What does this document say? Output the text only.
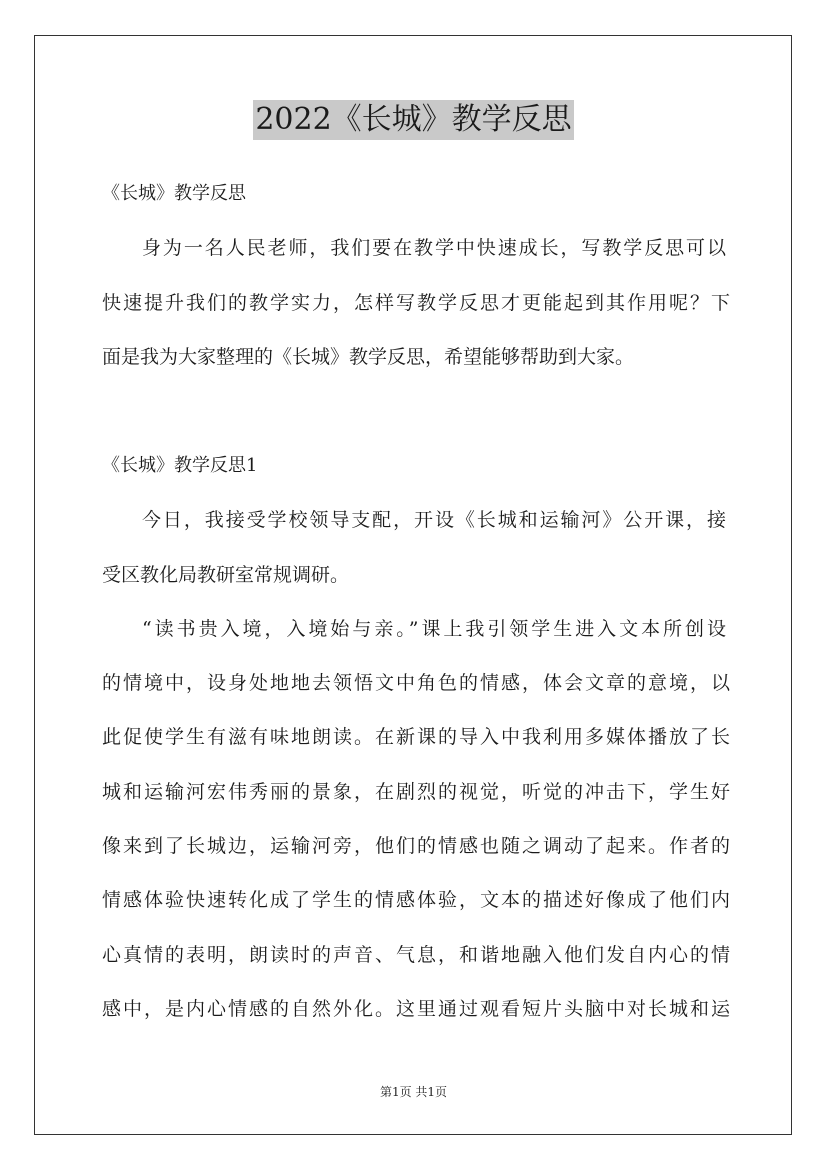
2022《长城》教学反思
《长城》教学反思
身为一名人民老师，我们要在教学中快速成长，写教学反思可以
快速提升我们的教学实力，怎样写教学反思才更能起到其作用呢？下
面是我为大家整理的《长城》教学反思，希望能够帮助到大家。
《长城》教学反思1
今日，我接受学校领导支配，开设《长城和运输河》公开课，接
受区教化局教研室常规调研。
“读书贵入境，入境始与亲。”课上我引领学生进入文本所创设
的情境中，设身处地地去领悟文中角色的情感，体会文章的意境，以
此促使学生有滋有味地朗读。在新课的导入中我利用多媒体播放了长
城和运输河宏伟秀丽的景象，在剧烈的视觉，听觉的冲击下，学生好
像来到了长城边，运输河旁，他们的情感也随之调动了起来。作者的
情感体验快速转化成了学生的情感体验，文本的描述好像成了他们内
心真情的表明，朗读时的声音、气息，和谐地融入他们发自内心的情
感中，是内心情感的自然外化。这里通过观看短片头脑中对长城和运
第1页 共1页
